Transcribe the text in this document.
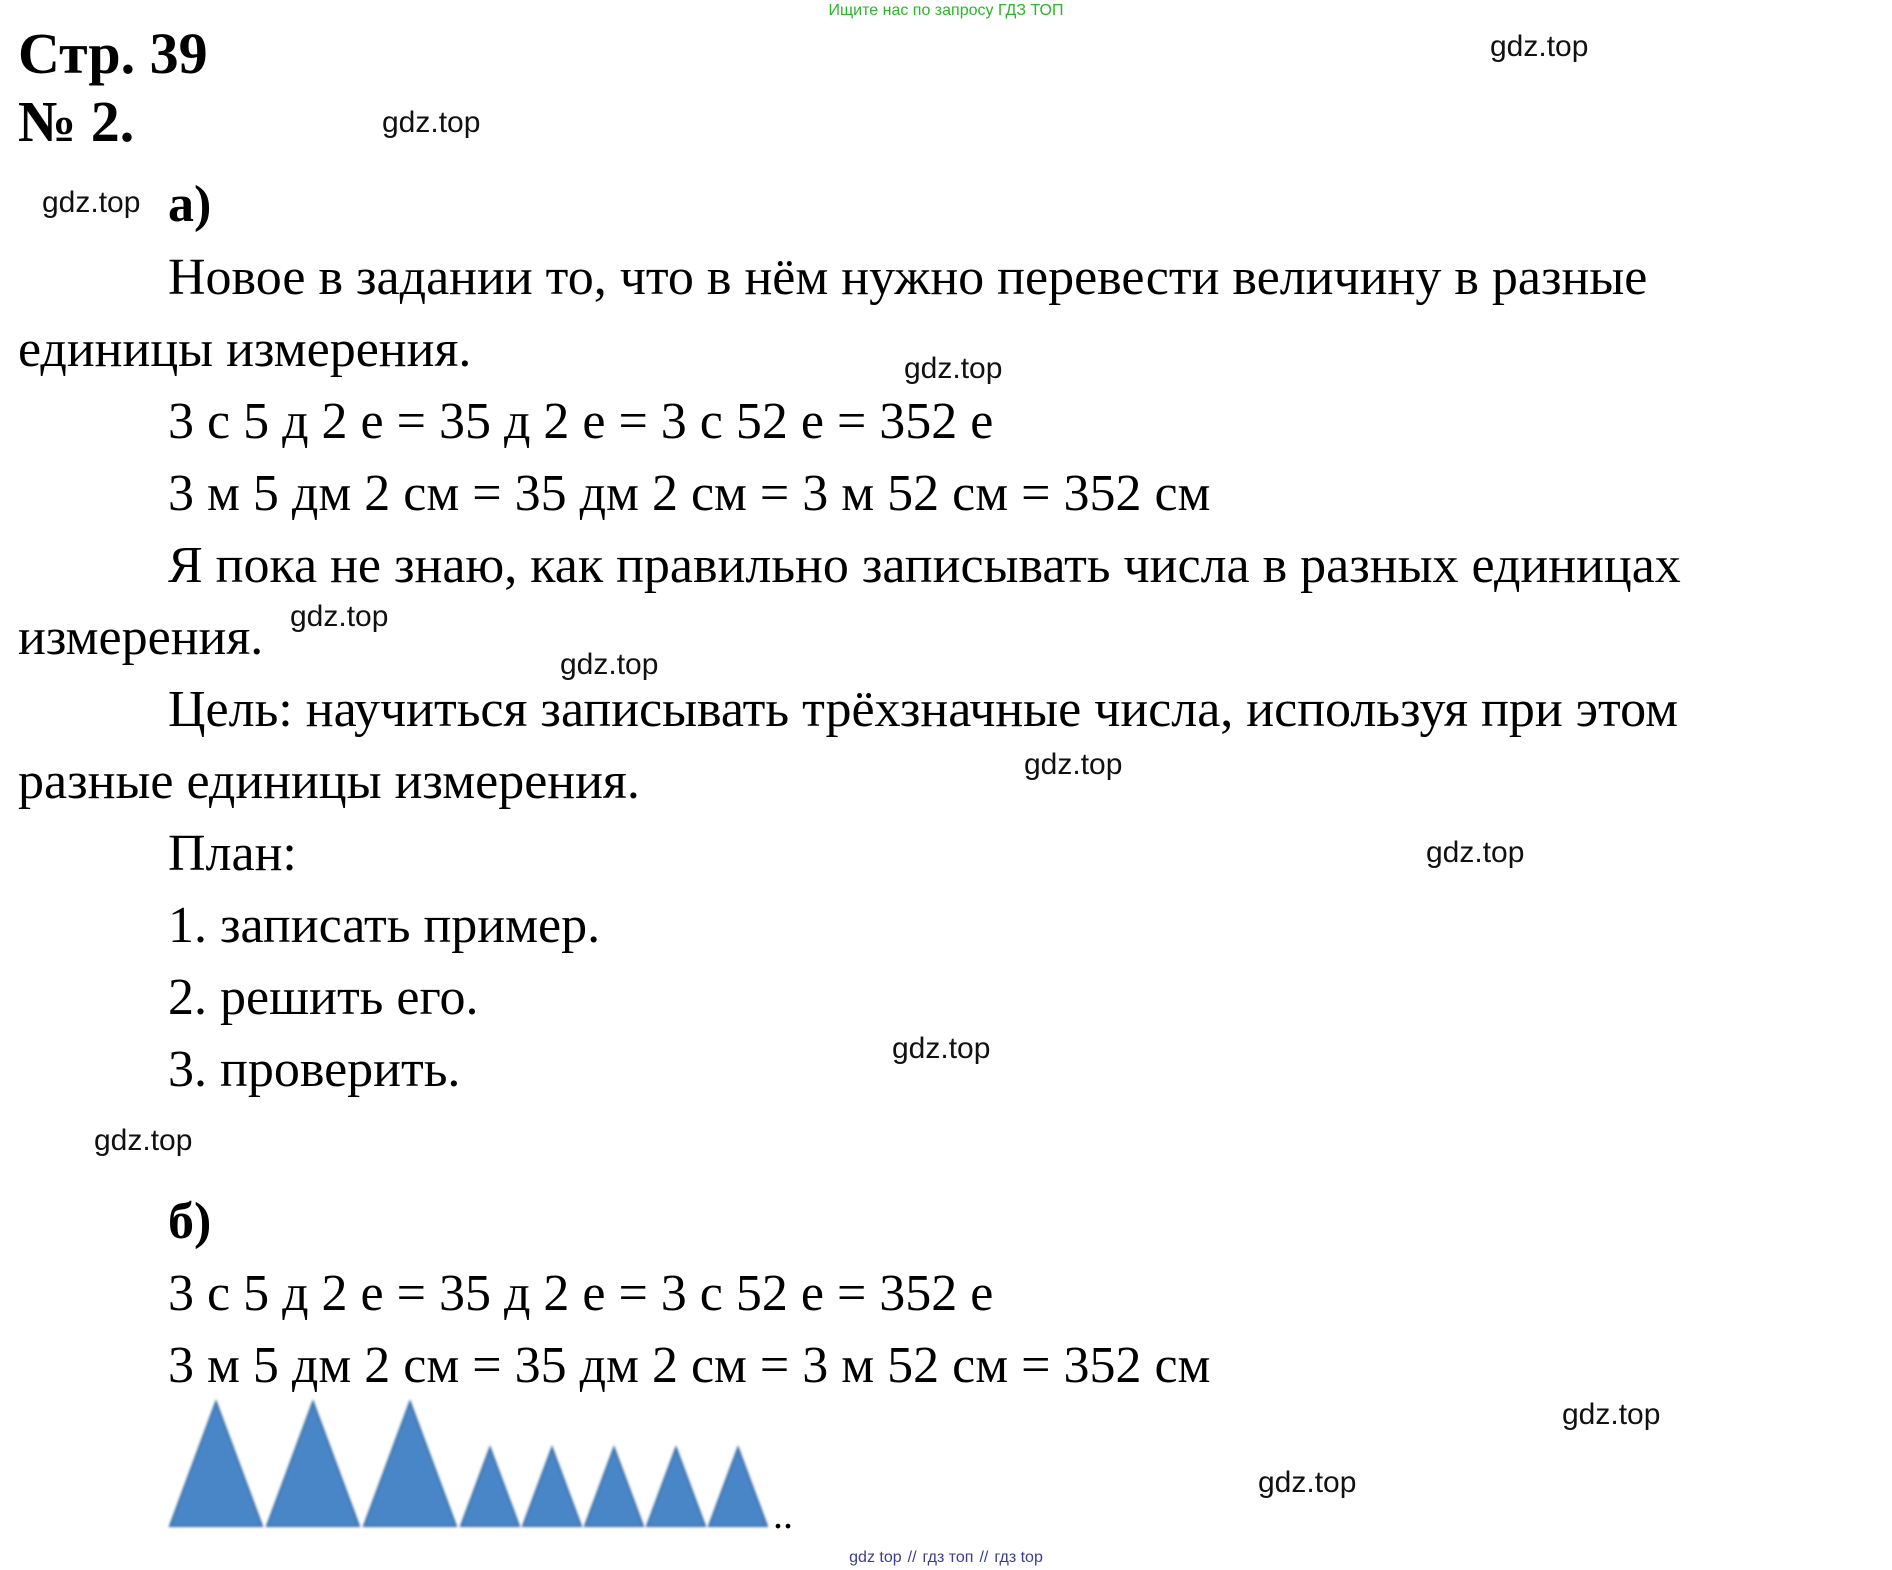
Ищите нас по запросу ГДЗ ТОП
Стр. 39
№ 2.
а)
Новое в задании то, что в нём нужно перевести величину в разные
единицы измерения.
3 с 5 д 2 е = 35 д 2 е = 3 с 52 е = 352 е
3 м 5 дм 2 см = 35 дм 2 см = 3 м 52 см = 352 см
Я пока не знаю, как правильно записывать числа в разных единицах
измерения.
Цель: научиться записывать трёхзначные числа, используя при этом
разные единицы измерения.
План:
1. записать пример.
2. решить его.
3. проверить.
б)
3 с 5 д 2 е = 35 д 2 е = 3 с 52 е = 352 е
3 м 5 дм 2 см = 35 дм 2 см = 3 м 52 см = 352 см
..
gdz.top
gdz.top
gdz.top
gdz.top
gdz.top
gdz.top
gdz.top
gdz.top
gdz.top
gdz.top
gdz.top
gdz.top
gdz top // гдз топ // гдз top
